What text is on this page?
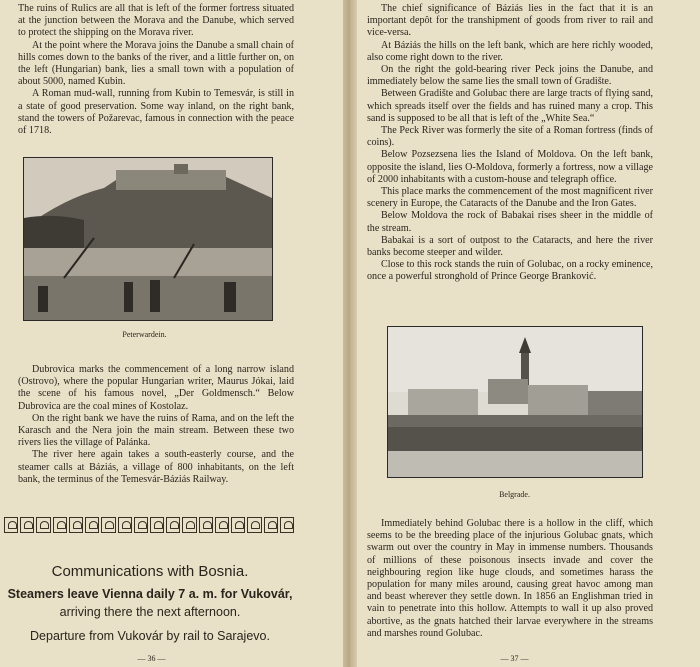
The ruins of Rulics are all that is left of the former fortress situated at the junction between the Morava and the Danube, which served to protect the shipping on the Morava river.

At the point where the Morava joins the Danube a small chain of hills comes down to the banks of the river, and a little further on, on the left (Hungarian) bank, lies a small town with a population of about 5000, named Kubin.

A Roman mud-wall, running from Kubin to Temesvár, is still in a state of good preservation. Some way inland, on the right bank, stand the towers of Požarevac, famous in connection with the peace of 1718.

Peterwardein.

Dubrovica marks the commencement of a long narrow island (Ostrovo), where the popular Hungarian writer, Maurus Jókai, laid the scene of his famous novel, „Der Goldmensch.“ Below Dubrovica are the coal mines of Kostolaz.

On the right bank we have the ruins of Rama, and on the left the Karasch and the Nera join the main stream. Between these two rivers lies the village of Palánka.

The river here again takes a south-easterly course, and the steamer calls at Báziás, a village of 800 inhabitants, on the left bank, the terminus of the Temesvár-Báziás Railway.

Communications with Bosnia.
Steamers leave Vienna daily 7 a. m. for Vukovár,
arriving there the next afternoon.
Departure from Vukovár by rail to Sarajevo.
— 36 —

The chief significance of Báziás lies in the fact that it is an important depôt for the transhipment of goods from river to rail and vice-versa.

At Báziás the hills on the left bank, which are here richly wooded, also come right down to the river.

On the right the gold-bearing river Peck joins the Danube, and immediately below the same lies the small town of Gradište.

Between Gradište and Golubac there are large tracts of flying sand, which spreads itself over the fields and has ruined many a crop. This sand is supposed to be all that is left of the „White Sea.“

The Peck River was formerly the site of a Roman fortress (finds of coins).

Below Pozsezsena lies the Island of Moldova. On the left bank, opposite the island, lies O-Moldova, formerly a fortress, now a village of 2000 inhabitants with a custom-house and telegraph office.

This place marks the commencement of the most magnificent river scenery in Europe, the Cataracts of the Danube and the Iron Gates.

Below Moldova the rock of Babakai rises sheer in the middle of the stream.

Babakai is a sort of outpost to the Cataracts, and here the river banks become steeper and wilder.

Close to this rock stands the ruin of Golubac, on a rocky eminence, once a powerful stronghold of Prince George Branković.

Belgrade.

Immediately behind Golubac there is a hollow in the cliff, which seems to be the breeding place of the injurious Golubac gnats, which swarm out over the country in May in immense numbers. Thousands of millions of these poisonous insects invade and cover the neighbouring region like huge clouds, and sometimes harass the population for many miles around, causing great havoc among man and beast wherever they settle down. In 1856 an Englishman tried in vain to penetrate into this hollow. Attempts to wall it up also proved abortive, as the gnats hatched their larvae everywhere in the streams and marshes round Golubac.

— 37 —
